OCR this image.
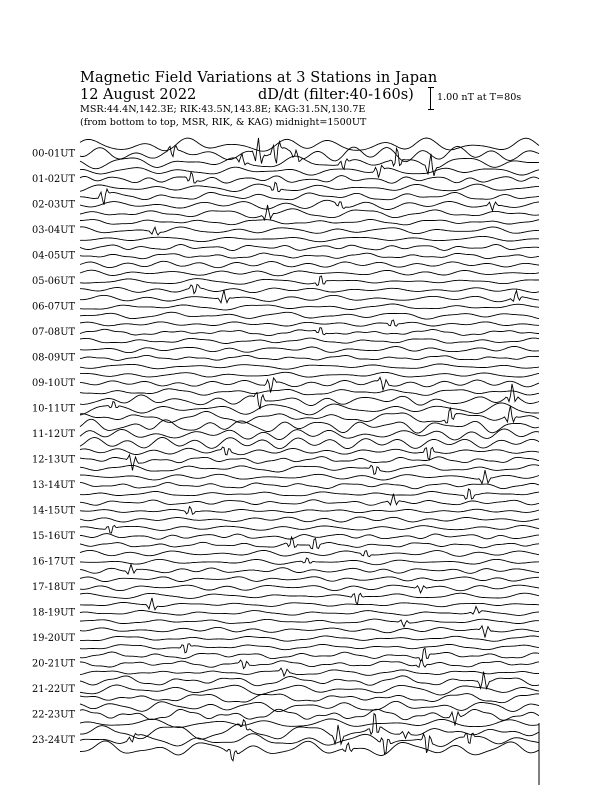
Magnetic Field Variations at 3 Stations in Japan
12 August 2022	dD/dt (filter:40-160s)
MSR:44.4N,142.3E; RIK:43.5N,143.8E; KAG:31.5N,130.7E
(from bottom to top, MSR, RIK, & KAG) midnight=1500UT
1.00 nT at T=80s
00-01UT
01-02UT
02-03UT
03-04UT
04-05UT
05-06UT
06-07UT
07-08UT
08-09UT
09-10UT
10-11UT
11-12UT
12-13UT
13-14UT
14-15UT
15-16UT
16-17UT
17-18UT
18-19UT
19-20UT
20-21UT
21-22UT
22-23UT
23-24UT
